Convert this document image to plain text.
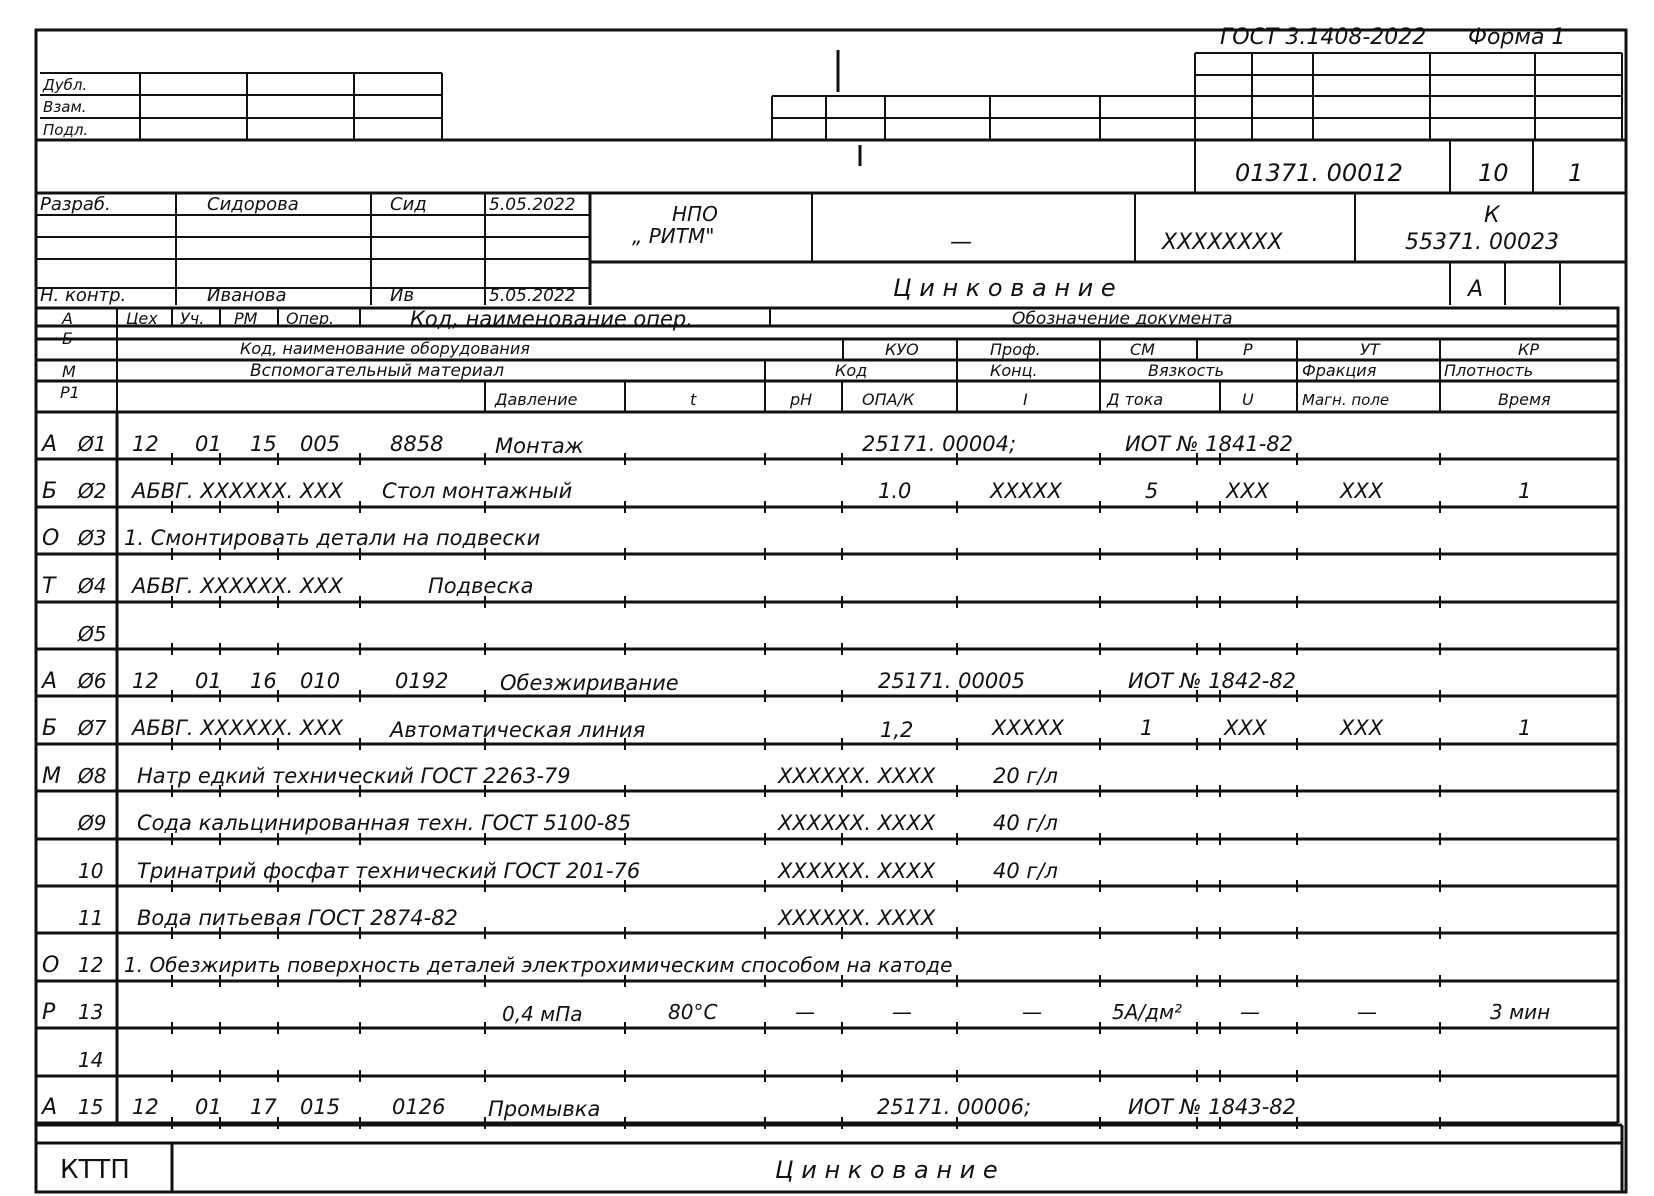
ГОСТ 3.1408-2022 Форма 1
Дубл.
Взам.
Подл.
01371. 00012	10 1
Разраб.	Сидорова	Сид	5.05.2022
Н. контр.	Иванова	Ив	5.05.2022
НПО
„ РИТМ"	—	XXXXXXXX
К
55371. 00023
Ц и н к о в а н и е	А
А	Цех Уч. РМ Опер.	Код, наименование опер.	Обозначение документа
Б
Код, наименование оборудования	КУО	Проф.	СМ	Р	УТ	КР
М	Вспомогательный материал	Код	Конц.	Вязкость	Фракция	Плотность
Р1	Давление	t	рН	ОПА/К	I	Д тока	U	Магн. поле	Время
А Ø1 12 01 15 005 8858 Монтаж	25171. 00004;	ИОТ № 1841-82
Б Ø2 АБВГ. XXXXXX. XXX Стол монтажный	1.0	XXXXX	5	XXX	XXX	1
О Ø3 1. Смонтировать детали на подвески
Т Ø4 АБВГ. XXXXXX. XXX	Подвеска
Ø5
А Ø6 12 01 16 010	0192 Обезжиривание	25171. 00005	ИОТ № 1842-82
Б Ø7 АБВГ. XXXXXX. XXX Автоматическая линия	1,2	XXXXX	1	XXX	XXX	1
М Ø8 Натр едкий технический ГОСТ 2263-79	XXXXXX. XXXX	20 г/л
Ø9 Сода кальцинированная техн. ГОСТ 5100-85	XXXXXX. XXXX	40 г/л
10 Тринатрий фосфат технический ГОСТ 201-76	XXXXXX. XXXX	40 г/л
11 Вода питьевая ГОСТ 2874-82	XXXXXX. XXXX
О 12 1. Обезжирить поверхность деталей электрохимическим способом на катоде
Р 13	0,4 мПа	80°С	—	—	—	5А/дм²	—	—	3 мин
14
А 15 12 01 17 015 0126 Промывка	25171. 00006;	ИОТ № 1843-82
КТТП	Ц и н к о в а н и е
